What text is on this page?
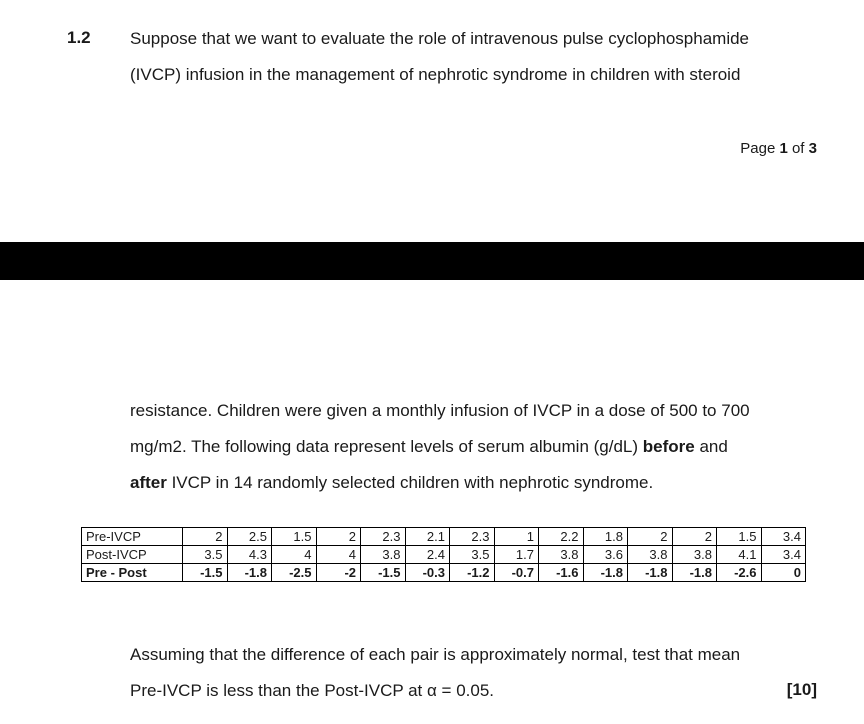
1.2 Suppose that we want to evaluate the role of intravenous pulse cyclophosphamide
(IVCP) infusion in the management of nephrotic syndrome in children with steroid
Page 1 of 3
resistance. Children were given a monthly infusion of IVCP in a dose of 500 to 700
mg/m2. The following data represent levels of serum albumin (g/dL) before and
after IVCP in 14 randomly selected children with nephrotic syndrome.
Pre-IVCP	2	2.5	1.5	2	2.3	2.1	2.3	1	2.2	1.8	2	2	1.5	3.4
Post-IVCP	3.5	4.3	4	4	3.8	2.4	3.5	1.7	3.8	3.6	3.8	3.8	4.1	3.4
Pre - Post	-1.5	-1.8	-2.5	-2	-1.5	-0.3	-1.2	-0.7	-1.6	-1.8	-1.8	-1.8	-2.6	0
Assuming that the difference of each pair is approximately normal, test that mean
Pre-IVCP is less than the Post-IVCP at α = 0.05.	[10]
